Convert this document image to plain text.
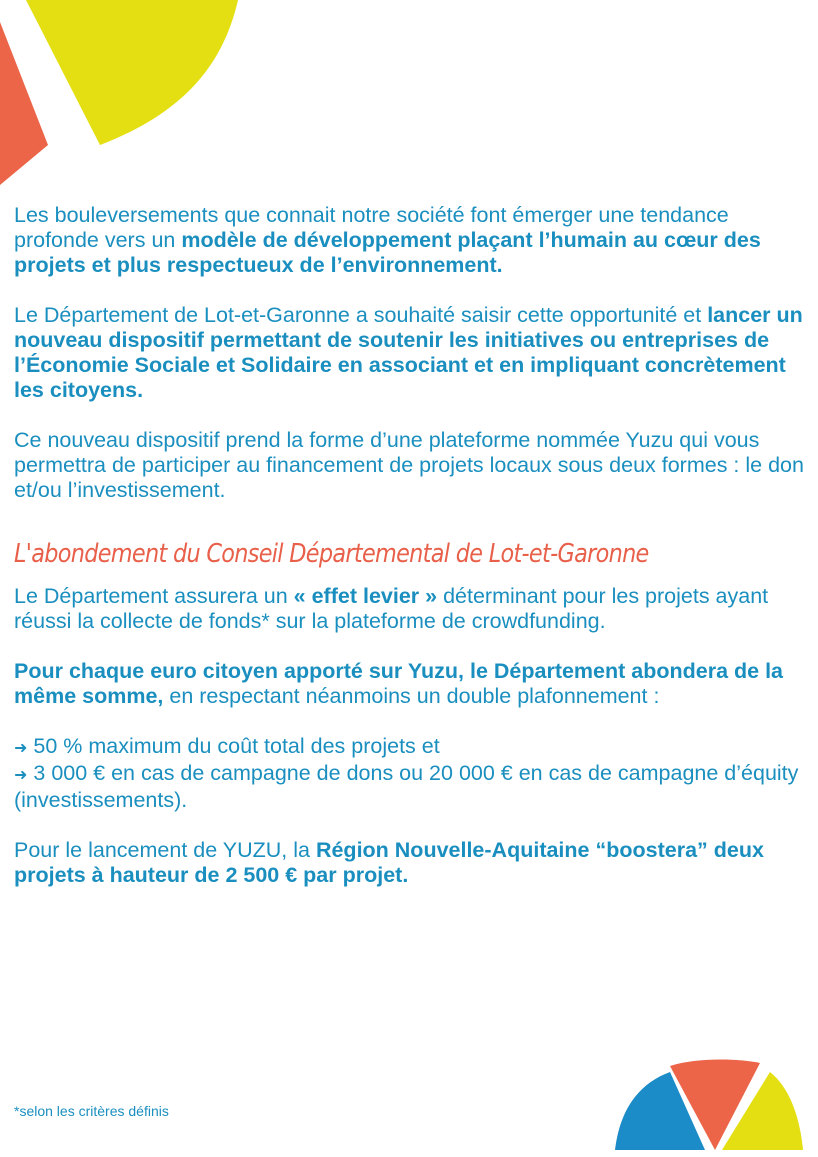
Les bouleversements que connait notre société font émerger une tendance profonde vers un modèle de développement plaçant l’humain au cœur des projets et plus respectueux de l’environnement.

Le Département de Lot-et-Garonne a souhaité saisir cette opportunité et lancer un nouveau dispositif permettant de soutenir les initiatives ou entreprises de l’Économie Sociale et Solidaire en associant et en impliquant concrètement les citoyens.

Ce nouveau dispositif prend la forme d’une plateforme nommée Yuzu qui vous permettra de participer au financement de projets locaux sous deux formes : le don et/ou l’investissement.

L'abondement du Conseil Départemental de Lot-et-Garonne

Le Département assurera un « effet levier » déterminant pour les projets ayant réussi la collecte de fonds* sur la plateforme de crowdfunding.

Pour chaque euro citoyen apporté sur Yuzu, le Département abondera de la même somme, en respectant néanmoins un double plafonnement :

➜ 50 % maximum du coût total des projets et
➜ 3 000 € en cas de campagne de dons ou 20 000 € en cas de campagne d’équity (investissements).

Pour le lancement de YUZU, la Région Nouvelle-Aquitaine “boostera” deux projets à hauteur de 2 500 € par projet.

*selon les critères définis
